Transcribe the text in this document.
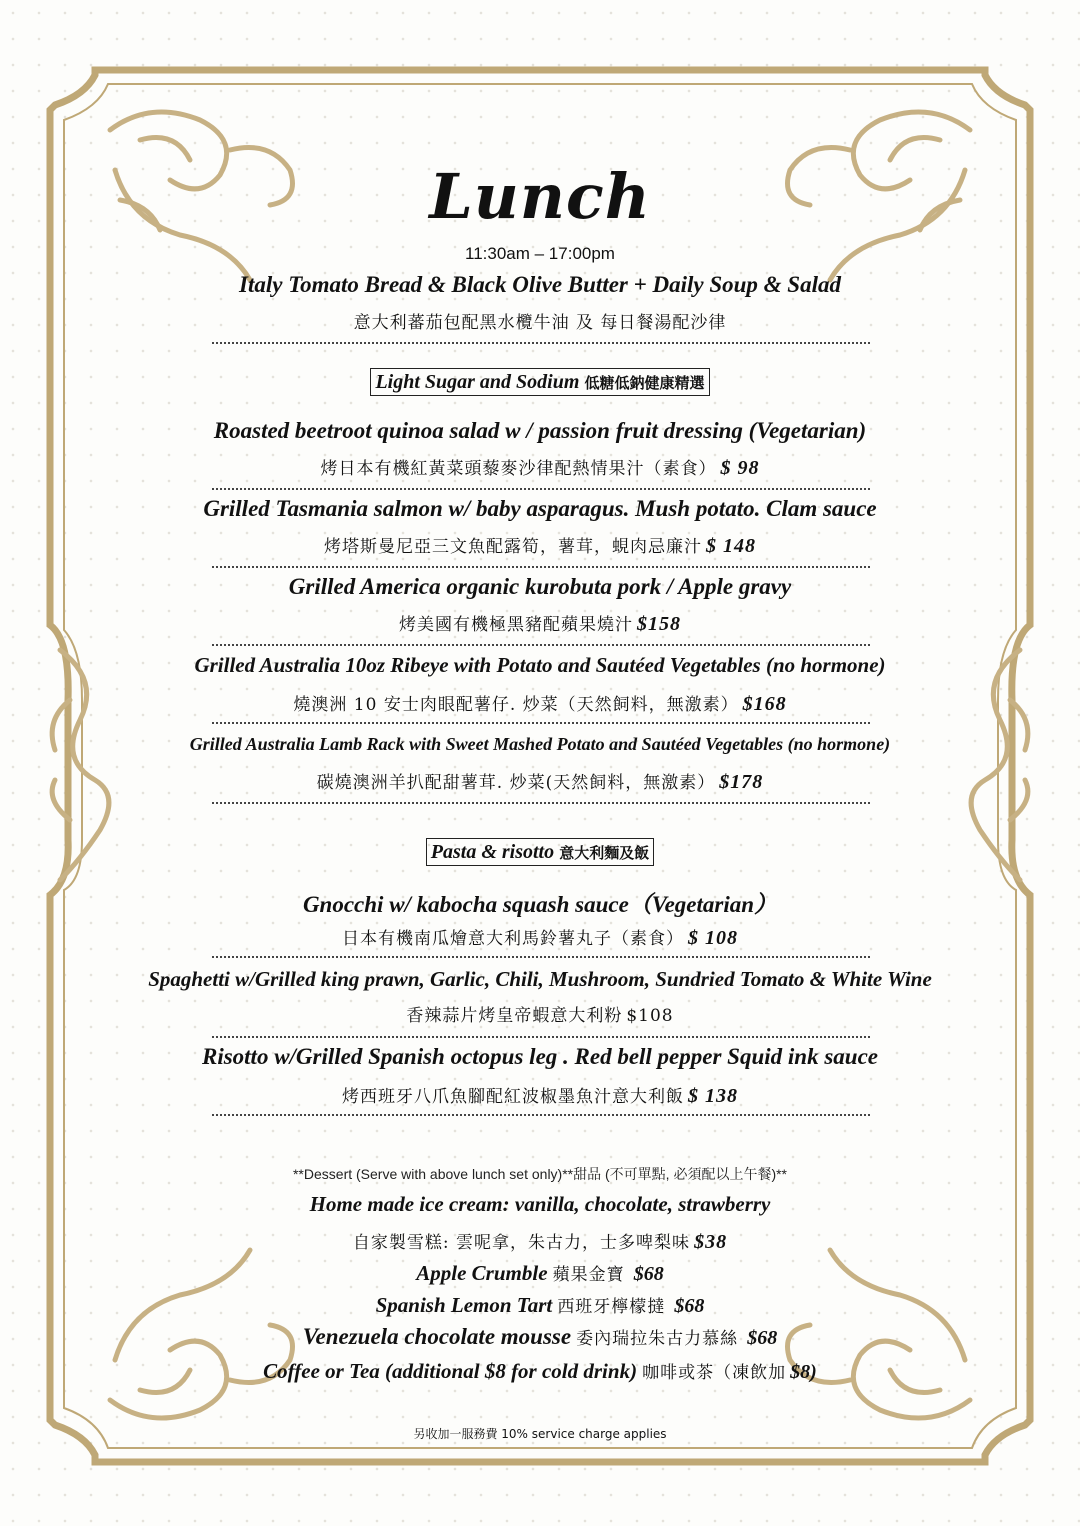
Lunch
11:30am – 17:00pm
Italy Tomato Bread & Black Olive Butter + Daily Soup & Salad
意大利蕃茄包配黑水欖牛油 及 每日餐湯配沙律
Light Sugar and Sodium 低糖低鈉健康精選
Roasted beetroot quinoa salad w / passion fruit dressing (Vegetarian)
烤日本有機紅黃菜頭藜麥沙律配熱情果汁（素食） $ 98
Grilled Tasmania salmon w/ baby asparagus. Mush potato. Clam sauce
烤塔斯曼尼亞三文魚配露筍，薯茸，蜆肉忌廉汁 $ 148
Grilled America organic kurobuta pork / Apple gravy
烤美國有機極黑豬配蘋果燒汁 $158
Grilled Australia 10oz Ribeye with Potato and Sautéed Vegetables (no hormone)
燒澳洲 10 安士肉眼配薯仔. 炒菜（天然飼料，無激素） $168
Grilled Australia Lamb Rack with Sweet Mashed Potato and Sautéed Vegetables (no hormone)
碳燒澳洲羊扒配甜薯茸. 炒菜(天然飼料，無激素） $178
Pasta & risotto 意大利麵及飯
Gnocchi w/ kabocha squash sauce（Vegetarian）
日本有機南瓜燴意大利馬鈴薯丸子（素食） $ 108
Spaghetti w/Grilled king prawn, Garlic, Chili, Mushroom, Sundried Tomato & White Wine
香辣蒜片烤皇帝蝦意大利粉 $108
Risotto w/Grilled Spanish octopus leg . Red bell pepper Squid ink sauce
烤西班牙八爪魚腳配紅波椒墨魚汁意大利飯 $ 138
**Dessert (Serve with above lunch set only)**甜品 (不可單點, 必須配以上午餐)**
Home made ice cream: vanilla, chocolate, strawberry
自家製雪糕: 雲呢拿，朱古力，士多啤梨味 $38
Apple Crumble 蘋果金寶 $68
Spanish Lemon Tart 西班牙檸檬撻 $68
Venezuela chocolate mousse 委內瑞拉朱古力慕絲 $68
Coffee or Tea (additional $8 for cold drink) 咖啡或茶（凍飲加 $8)
另收加一服務費 10% service charge applies
